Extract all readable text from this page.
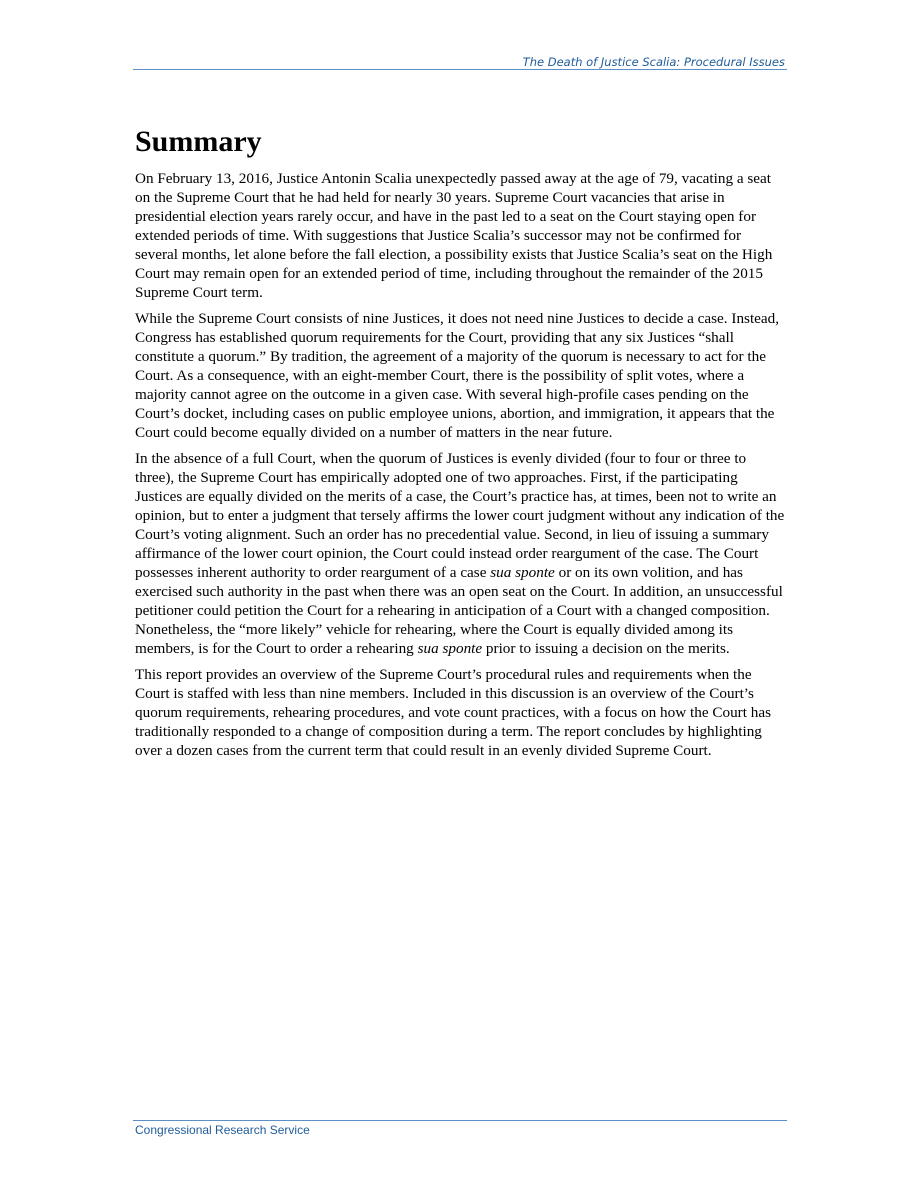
The Death of Justice Scalia: Procedural Issues
Summary

On February 13, 2016, Justice Antonin Scalia unexpectedly passed away at the age of 79, vacating a seat on the Supreme Court that he had held for nearly 30 years. Supreme Court vacancies that arise in presidential election years rarely occur, and have in the past led to a seat on the Court staying open for extended periods of time. With suggestions that Justice Scalia’s successor may not be confirmed for several months, let alone before the fall election, a possibility exists that Justice Scalia’s seat on the High Court may remain open for an extended period of time, including throughout the remainder of the 2015 Supreme Court term.

While the Supreme Court consists of nine Justices, it does not need nine Justices to decide a case. Instead, Congress has established quorum requirements for the Court, providing that any six Justices “shall constitute a quorum.” By tradition, the agreement of a majority of the quorum is necessary to act for the Court. As a consequence, with an eight-member Court, there is the possibility of split votes, where a majority cannot agree on the outcome in a given case. With several high-profile cases pending on the Court’s docket, including cases on public employee unions, abortion, and immigration, it appears that the Court could become equally divided on a number of matters in the near future.

In the absence of a full Court, when the quorum of Justices is evenly divided (four to four or three to three), the Supreme Court has empirically adopted one of two approaches. First, if the participating Justices are equally divided on the merits of a case, the Court’s practice has, at times, been not to write an opinion, but to enter a judgment that tersely affirms the lower court judgment without any indication of the Court’s voting alignment. Such an order has no precedential value. Second, in lieu of issuing a summary affirmance of the lower court opinion, the Court could instead order reargument of the case. The Court possesses inherent authority to order reargument of a case sua sponte or on its own volition, and has exercised such authority in the past when there was an open seat on the Court. In addition, an unsuccessful petitioner could petition the Court for a rehearing in anticipation of a Court with a changed composition. Nonetheless, the “more likely” vehicle for rehearing, where the Court is equally divided among its members, is for the Court to order a rehearing sua sponte prior to issuing a decision on the merits.

This report provides an overview of the Supreme Court’s procedural rules and requirements when the Court is staffed with less than nine members. Included in this discussion is an overview of the Court’s quorum requirements, rehearing procedures, and vote count practices, with a focus on how the Court has traditionally responded to a change of composition during a term. The report concludes by highlighting over a dozen cases from the current term that could result in an evenly divided Supreme Court.

Congressional Research Service
